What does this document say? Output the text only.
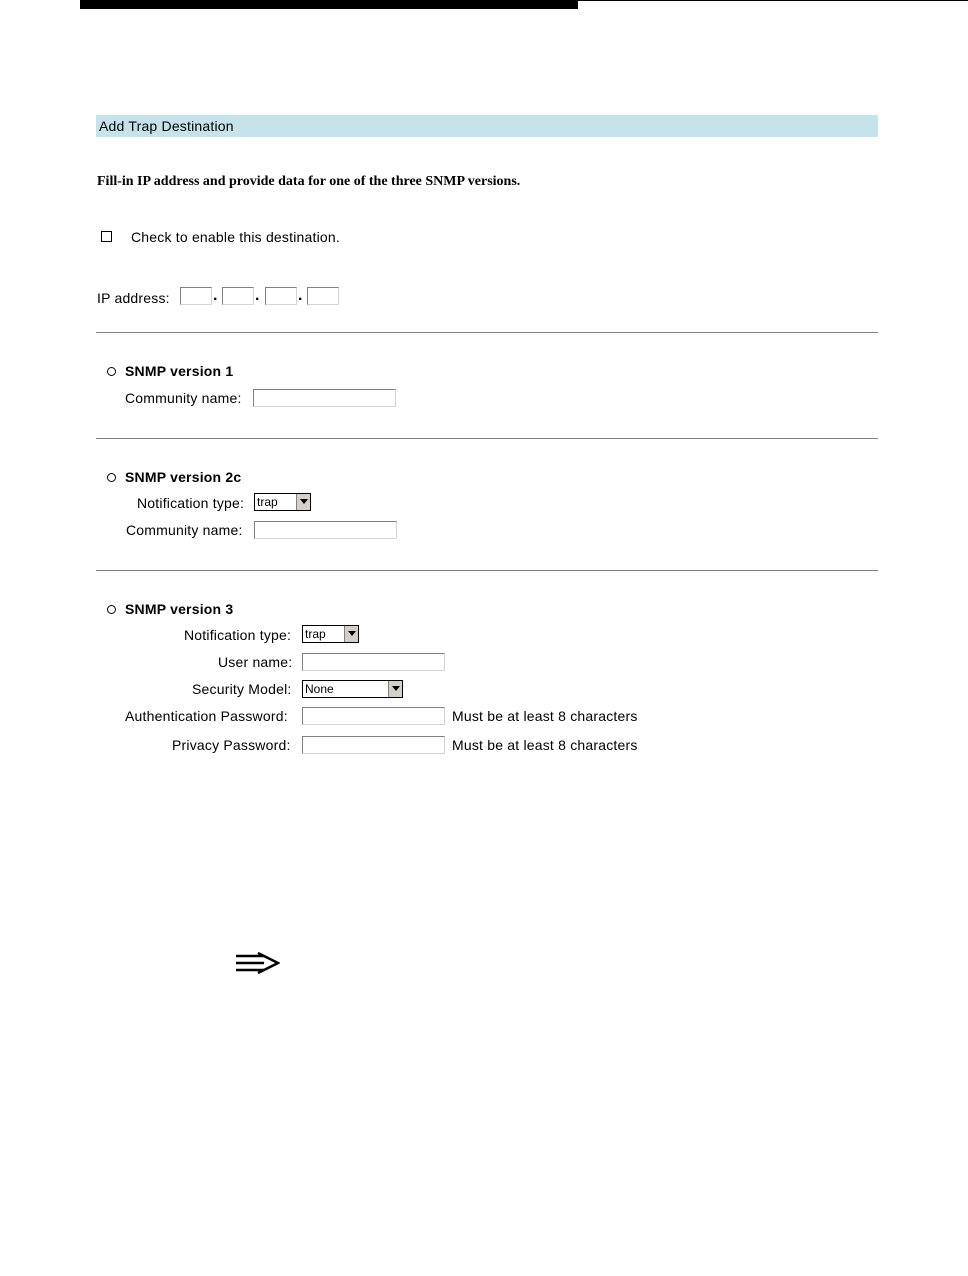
Add Trap Destination
Fill-in IP address and provide data for one of the three SNMP versions.
Check to enable this destination.
IP address:	. . .
SNMP version 1
Community name:
SNMP version 2c
Notification type: trap
Community name:
SNMP version 3
Notification type: trap
User name:
Security Model: None
Authentication Password:	Must be at least 8 characters
Privacy Password:	Must be at least 8 characters
